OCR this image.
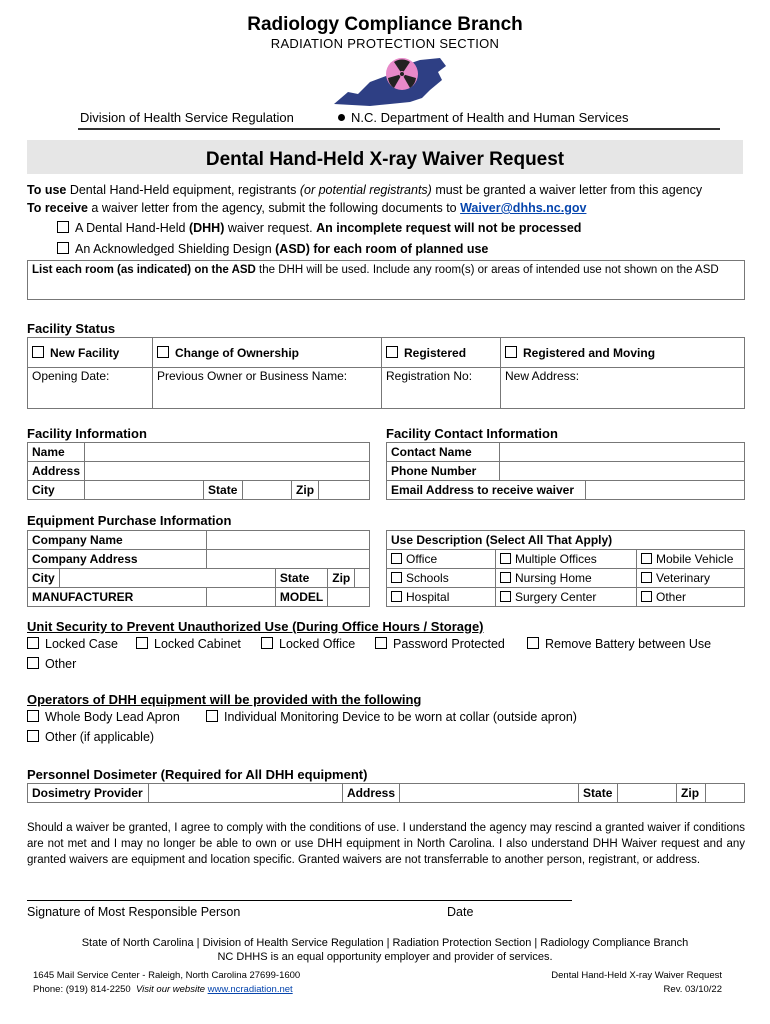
Radiology Compliance Branch
RADIATION PROTECTION SECTION
Division of Health Service Regulation	N.C. Department of Health and Human Services
Dental Hand-Held X-ray Waiver Request
To use Dental Hand-Held equipment, registrants (or potential registrants) must be granted a waiver letter from this agency
To receive a waiver letter from the agency, submit the following documents to Waiver@dhhs.nc.gov
A Dental Hand-Held (DHH) waiver request. An incomplete request will not be processed
An Acknowledged Shielding Design (ASD) for each room of planned use
List each room (as indicated) on the ASD the DHH will be used. Include any room(s) or areas of intended use not shown on the ASD
Facility Status
New Facility	Change of Ownership	Registered	Registered and Moving
Opening Date:	Previous Owner or Business Name:	Registration No:	New Address:
Facility Information
Name					
Address					
City		State		Zip	
Facility Contact Information
Contact Name		
Phone Number		
Email Address to receive waiver		
Equipment Purchase Information
Company Name					
Company Address					
City			State	Zip	
MANUFACTURER			MODEL		
Use Description (Select All That Apply)		
Office	Multiple Offices	Mobile Vehicle
Schools	Nursing Home	Veterinary
Hospital	Surgery Center	Other
Unit Security to Prevent Unauthorized Use (During Office Hours / Storage)
Locked Case	Locked Cabinet	Locked Office	Password Protected	Remove Battery between Use
Other
Operators of DHH equipment will be provided with the following
Whole Body Lead Apron	Individual Monitoring Device to be worn at collar (outside apron)
Other (if applicable)
Personnel Dosimeter (Required for All DHH equipment)
Dosimetry Provider		Address		State		Zip	
Should a waiver be granted, I agree to comply with the conditions of use. I understand the agency may rescind a granted waiver if conditions are not met and I may no longer be able to own or use DHH equipment in North Carolina. I also understand DHH Waiver request and any granted waivers are equipment and location specific. Granted waivers are not transferrable to another person, registrant, or address.
Signature of Most Responsible Person	Date
State of North Carolina | Division of Health Service Regulation | Radiation Protection Section | Radiology Compliance Branch
NC DHHS is an equal opportunity employer and provider of services.
1645 Mail Service Center - Raleigh, North Carolina 27699-1600
Phone: (919) 814-2250 Visit our website www.ncradiation.net
Dental Hand-Held X-ray Waiver Request
Rev. 03/10/22
